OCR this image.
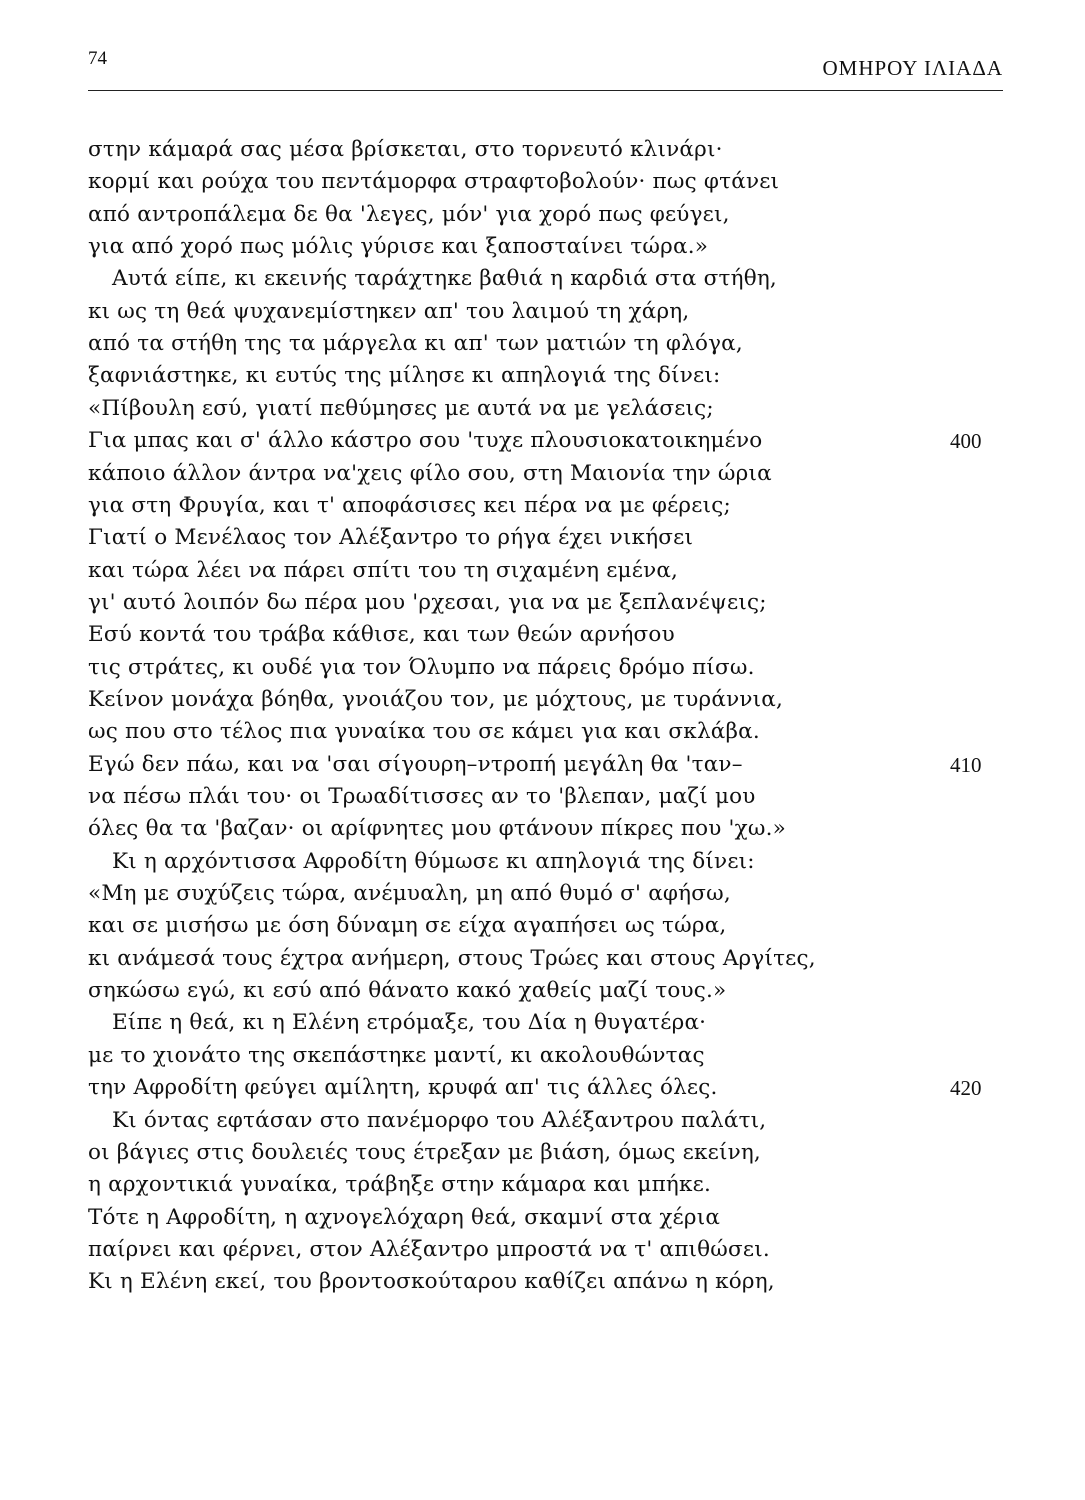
74	ΟΜΗΡΟΥ ΙΛΙΑΔΑ
στην κάμαρά σας μέσα βρίσκεται, στο τορνευτό κλινάρι·
κορμί και ρούχα του πεντάμορφα στραφτοβολούν· πως φτάνει
από αντροπάλεμα δε θα 'λεγες, μόν' για χορό πως φεύγει,
για από χορό πως μόλις γύρισε και ξαποσταίνει τώρα.»
Αυτά είπε, κι εκεινής ταράχτηκε βαθιά η καρδιά στα στήθη,
κι ως τη θεά ψυχανεμίστηκεν απ' του λαιμού τη χάρη,
από τα στήθη της τα μάργελα κι απ' των ματιών τη φλόγα,
ξαφνιάστηκε, κι ευτύς της μίλησε κι απηλογιά της δίνει:
«Πίβουλη εσύ, γιατί πεθύμησες με αυτά να με γελάσεις;
Για μπας και σ' άλλο κάστρο σου 'τυχε πλουσιοκατοικημένο	400
κάποιο άλλον άντρα να'χεις φίλο σου, στη Μαιονία την ώρια
για στη Φρυγία, και τ' αποφάσισες κει πέρα να με φέρεις;
Γιατί ο Μενέλαος τον Αλέξαντρο το ρήγα έχει νικήσει
και τώρα λέει να πάρει σπίτι του τη σιχαμένη εμένα,
γι' αυτό λοιπόν δω πέρα μου 'ρχεσαι, για να με ξεπλανέψεις;
Εσύ κοντά του τράβα κάθισε, και των θεών αρνήσου
τις στράτες, κι ουδέ για τον Όλυμπο να πάρεις δρόμο πίσω.
Κείνον μονάχα βόηθα, γνοιάζου τον, με μόχτους, με τυράννια,
ως που στο τέλος πια γυναίκα του σε κάμει για και σκλάβα.
Εγώ δεν πάω, και να 'σαι σίγουρη–ντροπή μεγάλη θα 'ταν–	410
να πέσω πλάι του· οι Τρωαδίτισσες αν το 'βλεπαν, μαζί μου
όλες θα τα 'βαζαν· οι αρίφνητες μου φτάνουν πίκρες που 'χω.»
Κι η αρχόντισσα Αφροδίτη θύμωσε κι απηλογιά της δίνει:
«Μη με συχύζεις τώρα, ανέμυαλη, μη από θυμό σ' αφήσω,
και σε μισήσω με όση δύναμη σε είχα αγαπήσει ως τώρα,
κι ανάμεσά τους έχτρα ανήμερη, στους Τρώες και στους Αργίτες,
σηκώσω εγώ, κι εσύ από θάνατο κακό χαθείς μαζί τους.»
Είπε η θεά, κι η Ελένη ετρόμαξε, του Δία η θυγατέρα·
με το χιονάτο της σκεπάστηκε μαντί, κι ακολουθώντας
την Αφροδίτη φεύγει αμίλητη, κρυφά απ' τις άλλες όλες.	420
Κι όντας εφτάσαν στο πανέμορφο του Αλέξαντρου παλάτι,
οι βάγιες στις δουλειές τους έτρεξαν με βιάση, όμως εκείνη,
η αρχοντικιά γυναίκα, τράβηξε στην κάμαρα και μπήκε.
Τότε η Αφροδίτη, η αχνογελόχαρη θεά, σκαμνί στα χέρια
παίρνει και φέρνει, στον Αλέξαντρο μπροστά να τ' απιθώσει.
Κι η Ελένη εκεί, του βροντοσκούταρου καθίζει απάνω η κόρη,
